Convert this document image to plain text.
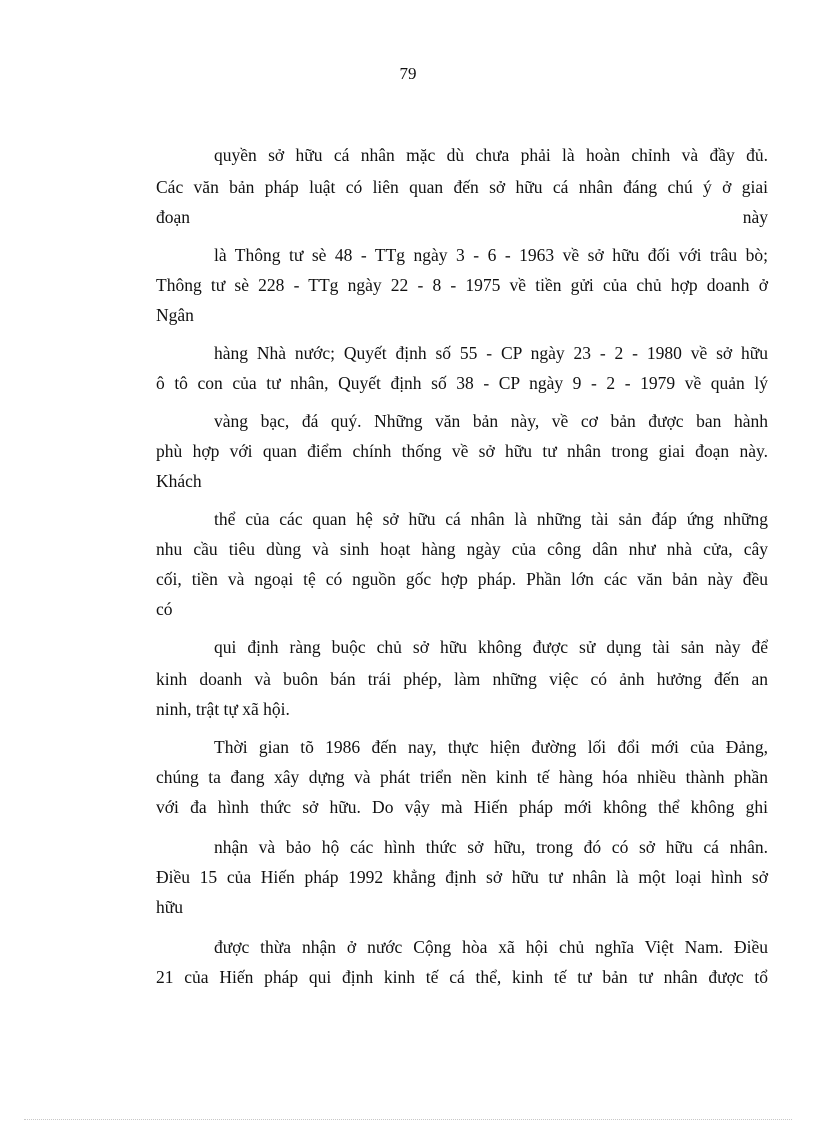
79
quyền sở hữu cá nhân mặc dù chưa phải là hoàn chỉnh và đầy đủ.
Các văn bản pháp luật có liên quan đến sở hữu cá nhân đáng chú ý ở giai
đoạn	này
là Thông tư sè 48 - TTg ngày 3 - 6 - 1963 về sở hữu đối với trâu bò;
Thông tư sè 228 - TTg ngày 22 - 8 - 1975 về tiền gửi của chủ hợp doanh ở
Ngân
hàng Nhà nước; Quyết định số 55 - CP ngày 23 - 2 - 1980 về sở hữu
ô tô con của tư nhân, Quyết định số 38 - CP ngày 9 - 2 - 1979 về quản lý
vàng bạc, đá quý. Những văn bản này, về cơ bản được ban hành
phù hợp với quan điểm chính thống về sở hữu tư nhân trong giai đoạn này.
Khách
thể của các quan hệ sở hữu cá nhân là những tài sản đáp ứng những
nhu cầu tiêu dùng và sinh hoạt hàng ngày của công dân như nhà cửa, cây
cối, tiền và ngoại tệ có nguồn gốc hợp pháp. Phần lớn các văn bản này đều
có
qui định ràng buộc chủ sở hữu không được sử dụng tài sản này để
kinh doanh và buôn bán trái phép, làm những việc có ảnh hưởng đến an
ninh, trật tự xã hội.
Thời gian tõ 1986 đến nay, thực hiện đường lối đổi mới của Đảng,
chúng ta đang xây dựng và phát triển nền kinh tế hàng hóa nhiều thành phần
với đa hình thức sở hữu. Do vậy mà Hiến pháp mới không thể không ghi
nhận và bảo hộ các hình thức sở hữu, trong đó có sở hữu cá nhân.
Điều 15 của Hiến pháp 1992 khẳng định sở hữu tư nhân là một loại hình sở
hữu
được thừa nhận ở nước Cộng hòa xã hội chủ nghĩa Việt Nam. Điều
21 của Hiến pháp qui định kinh tế cá thể, kinh tế tư bản tư nhân được tổ
